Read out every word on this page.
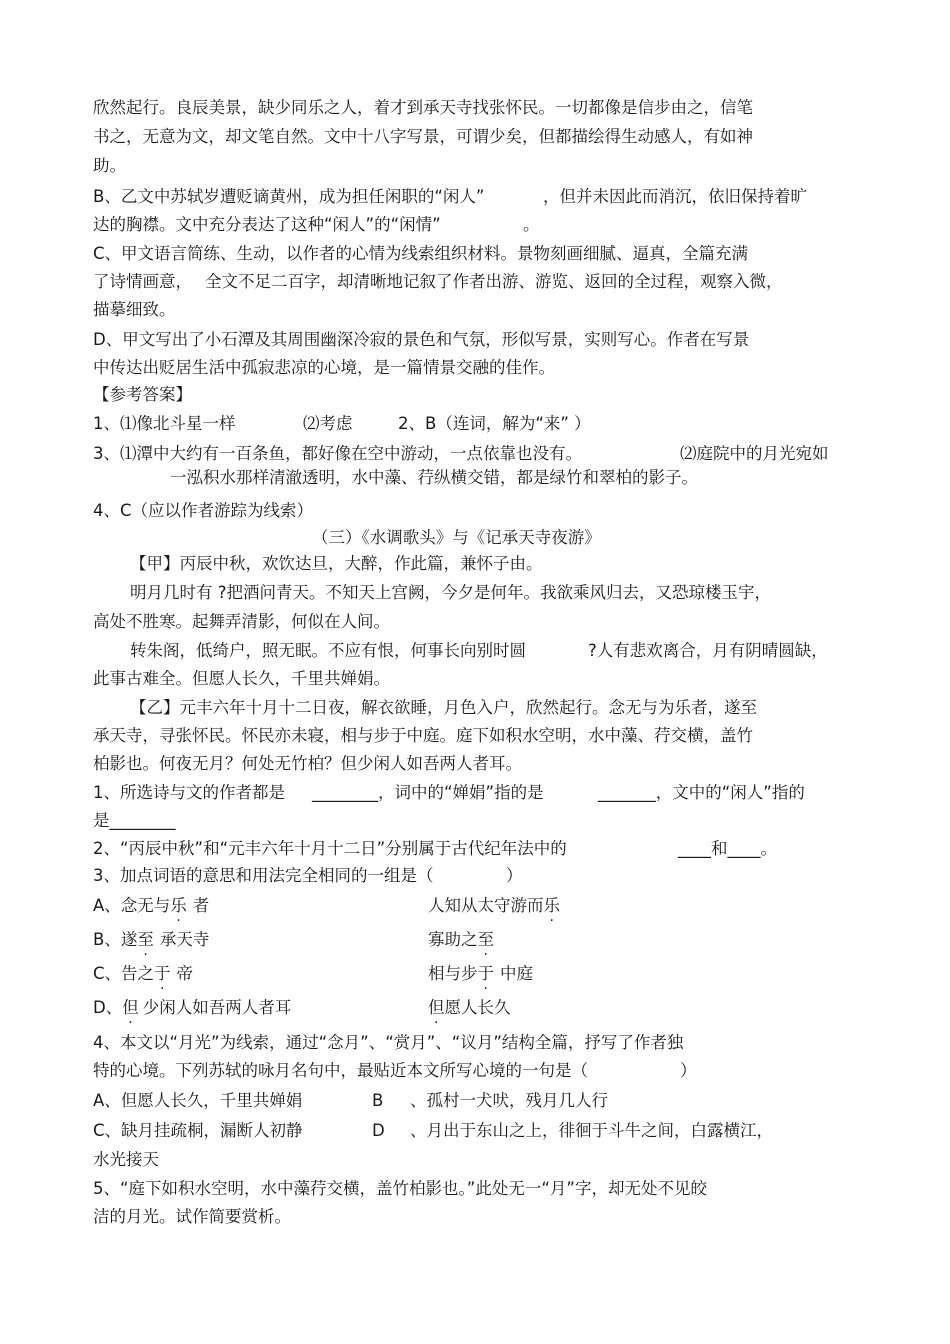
欣然起行。良辰美景，缺少同乐之人，着才到承天寺找张怀民。一切都像是信步由之，信笔
书之，无意为文，却文笔自然。文中十八字写景，可谓少矣，但都描绘得生动感人，有如神
助。
B、乙文中苏轼岁遭贬谪黄州，成为担任闲职的“闲人”	，但并未因此而消沉，依旧保持着旷
达的胸襟。文中充分表达了这种“闲人”的“闲情”	。
C、甲文语言简练、生动，以作者的心情为线索组织材料。景物刻画细腻、逼真，全篇充满
了诗情画意， 全文不足二百字，却清晰地记叙了作者出游、游览、返回的全过程，观察入微，
描摹细致。
D、甲文写出了小石潭及其周围幽深冷寂的景色和气氛，形似写景，实则写心。作者在写景
中传达出贬居生活中孤寂悲凉的心境，是一篇情景交融的佳作。
【参考答案】
1、⑴像北斗星一样	⑵考虑	2、B（连词，解为“来” ）
3、⑴潭中大约有一百条鱼，都好像在空中游动，一点依靠也没有。	⑵庭院中的月光宛如
一泓积水那样清澈透明，水中藻、荇纵横交错，都是绿竹和翠柏的影子。
4、C（应以作者游踪为线索）
（三）《水调歌头》与《记承天寺夜游》
【甲】丙辰中秋，欢饮达旦，大醉，作此篇，兼怀子由。
明月几时有 ?把酒问青天。不知天上宫阙，今夕是何年。我欲乘风归去，又恐琼楼玉宇，
高处不胜寒。起舞弄清影，何似在人间。
转朱阁，低绮户，照无眠。不应有恨，何事长向别时圆	?人有悲欢离合，月有阴晴圆缺，
此事古难全。但愿人长久，千里共婵娟。
【乙】元丰六年十月十二日夜，解衣欲睡，月色入户，欣然起行。念无与为乐者，遂至
承天寺，寻张怀民。怀民亦未寝，相与步于中庭。庭下如积水空明，水中藻、荇交横，盖竹
柏影也。何夜无月？何处无竹柏？但少闲人如吾两人者耳。
1、所选诗与文的作者都是 ________，词中的“婵娟”指的是	_______，文中的“闲人”指的
是________
2、“丙辰中秋”和“元丰六年十月十二日”分别属于古代纪年法中的	____和____。
3、加点词语的意思和用法完全相同的一组是（	）
A、念无与乐 者	人知从太守游而乐
B、遂至 承天寺	寡助之至
C、告之于 帝	相与步于 中庭
D、但 少闲人如吾两人者耳	但愿人长久
4、本文以“月光”为线索，通过“念月”、“赏月”、“议月”结构全篇，抒写了作者独
特的心境。下列苏轼的咏月名句中，最贴近本文所写心境的一句是（	）
A、但愿人长久，千里共婵娟	B 、孤村一犬吠，残月几人行
C、缺月挂疏桐，漏断人初静	D 、月出于东山之上，徘徊于斗牛之间，白露横江，
水光接天
5、“庭下如积水空明，水中藻荇交横，盖竹柏影也。”此处无一“月”字，却无处不见皎
洁的月光。试作简要赏析。
